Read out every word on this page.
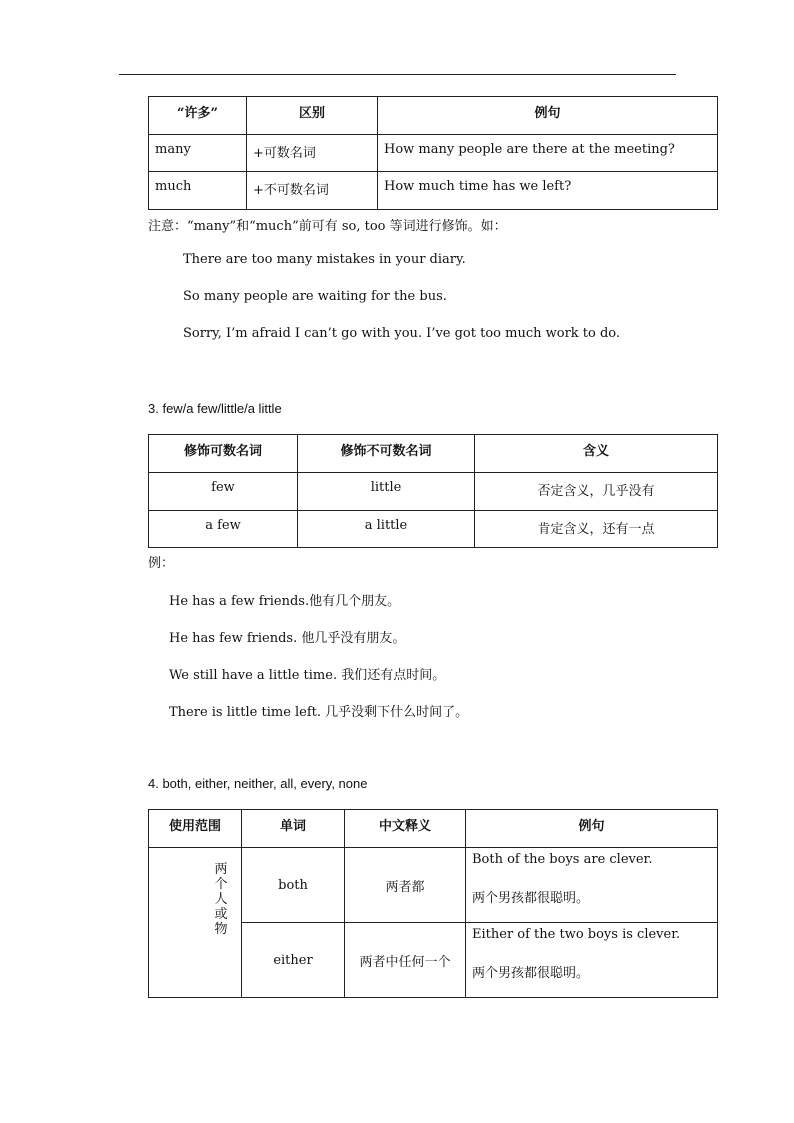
“许多”	区别	例句
many	+可数名词	How many people are there at the meeting?
much	+不可数名词	How much time has we left?
注意：“many”和“much”前可有 so, too 等词进行修饰。如：
There are too many mistakes in your diary.
So many people are waiting for the bus.
Sorry, I’m afraid I can’t go with you. I’ve got too much work to do.
3. few/a few/little/a little
修饰可数名词	修饰不可数名词	含义
few	little	否定含义，几乎没有
a few	a little	肯定含义，还有一点
例：
He has a few friends.他有几个朋友。
He has few friends. 他几乎没有朋友。
We still have a little time. 我们还有点时间。
There is little time left. 几乎没剩下什么时间了。
4. both, either, neither, all, every, none
使用范围	单词	中文释义	例句

两个人或物	both	两者都	Both of the boys are clever.
两个男孩都很聪明。

	either	两者中任何一个	Either of the two boys is clever.
两个男孩都很聪明。
